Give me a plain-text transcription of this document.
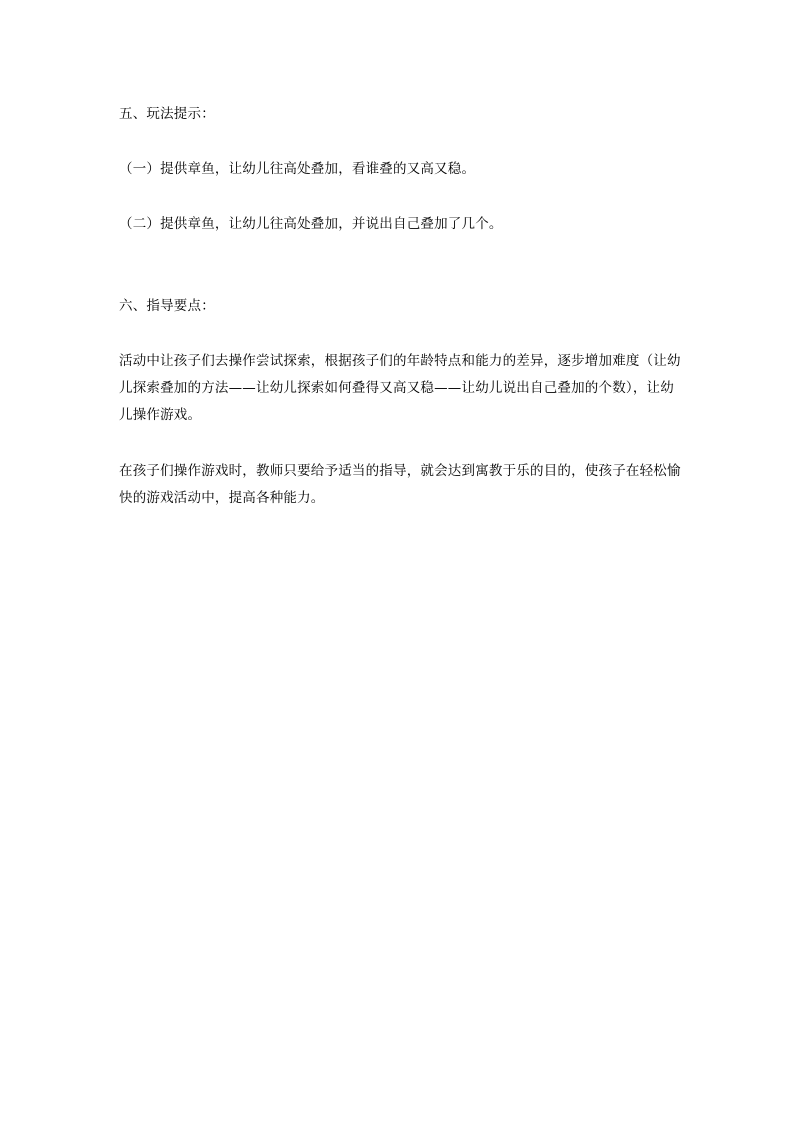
五、玩法提示：

（一）提供章鱼，让幼儿往高处叠加，看谁叠的又高又稳。

（二）提供章鱼，让幼儿往高处叠加，并说出自己叠加了几个。

六、指导要点：

活动中让孩子们去操作尝试探索，根据孩子们的年龄特点和能力的差异，逐步增加难度（让幼儿探索叠加的方法——让幼儿探索如何叠得又高又稳——让幼儿说出自己叠加的个数），让幼儿操作游戏。

在孩子们操作游戏时，教师只要给予适当的指导，就会达到寓教于乐的目的，使孩子在轻松愉快的游戏活动中，提高各种能力。
